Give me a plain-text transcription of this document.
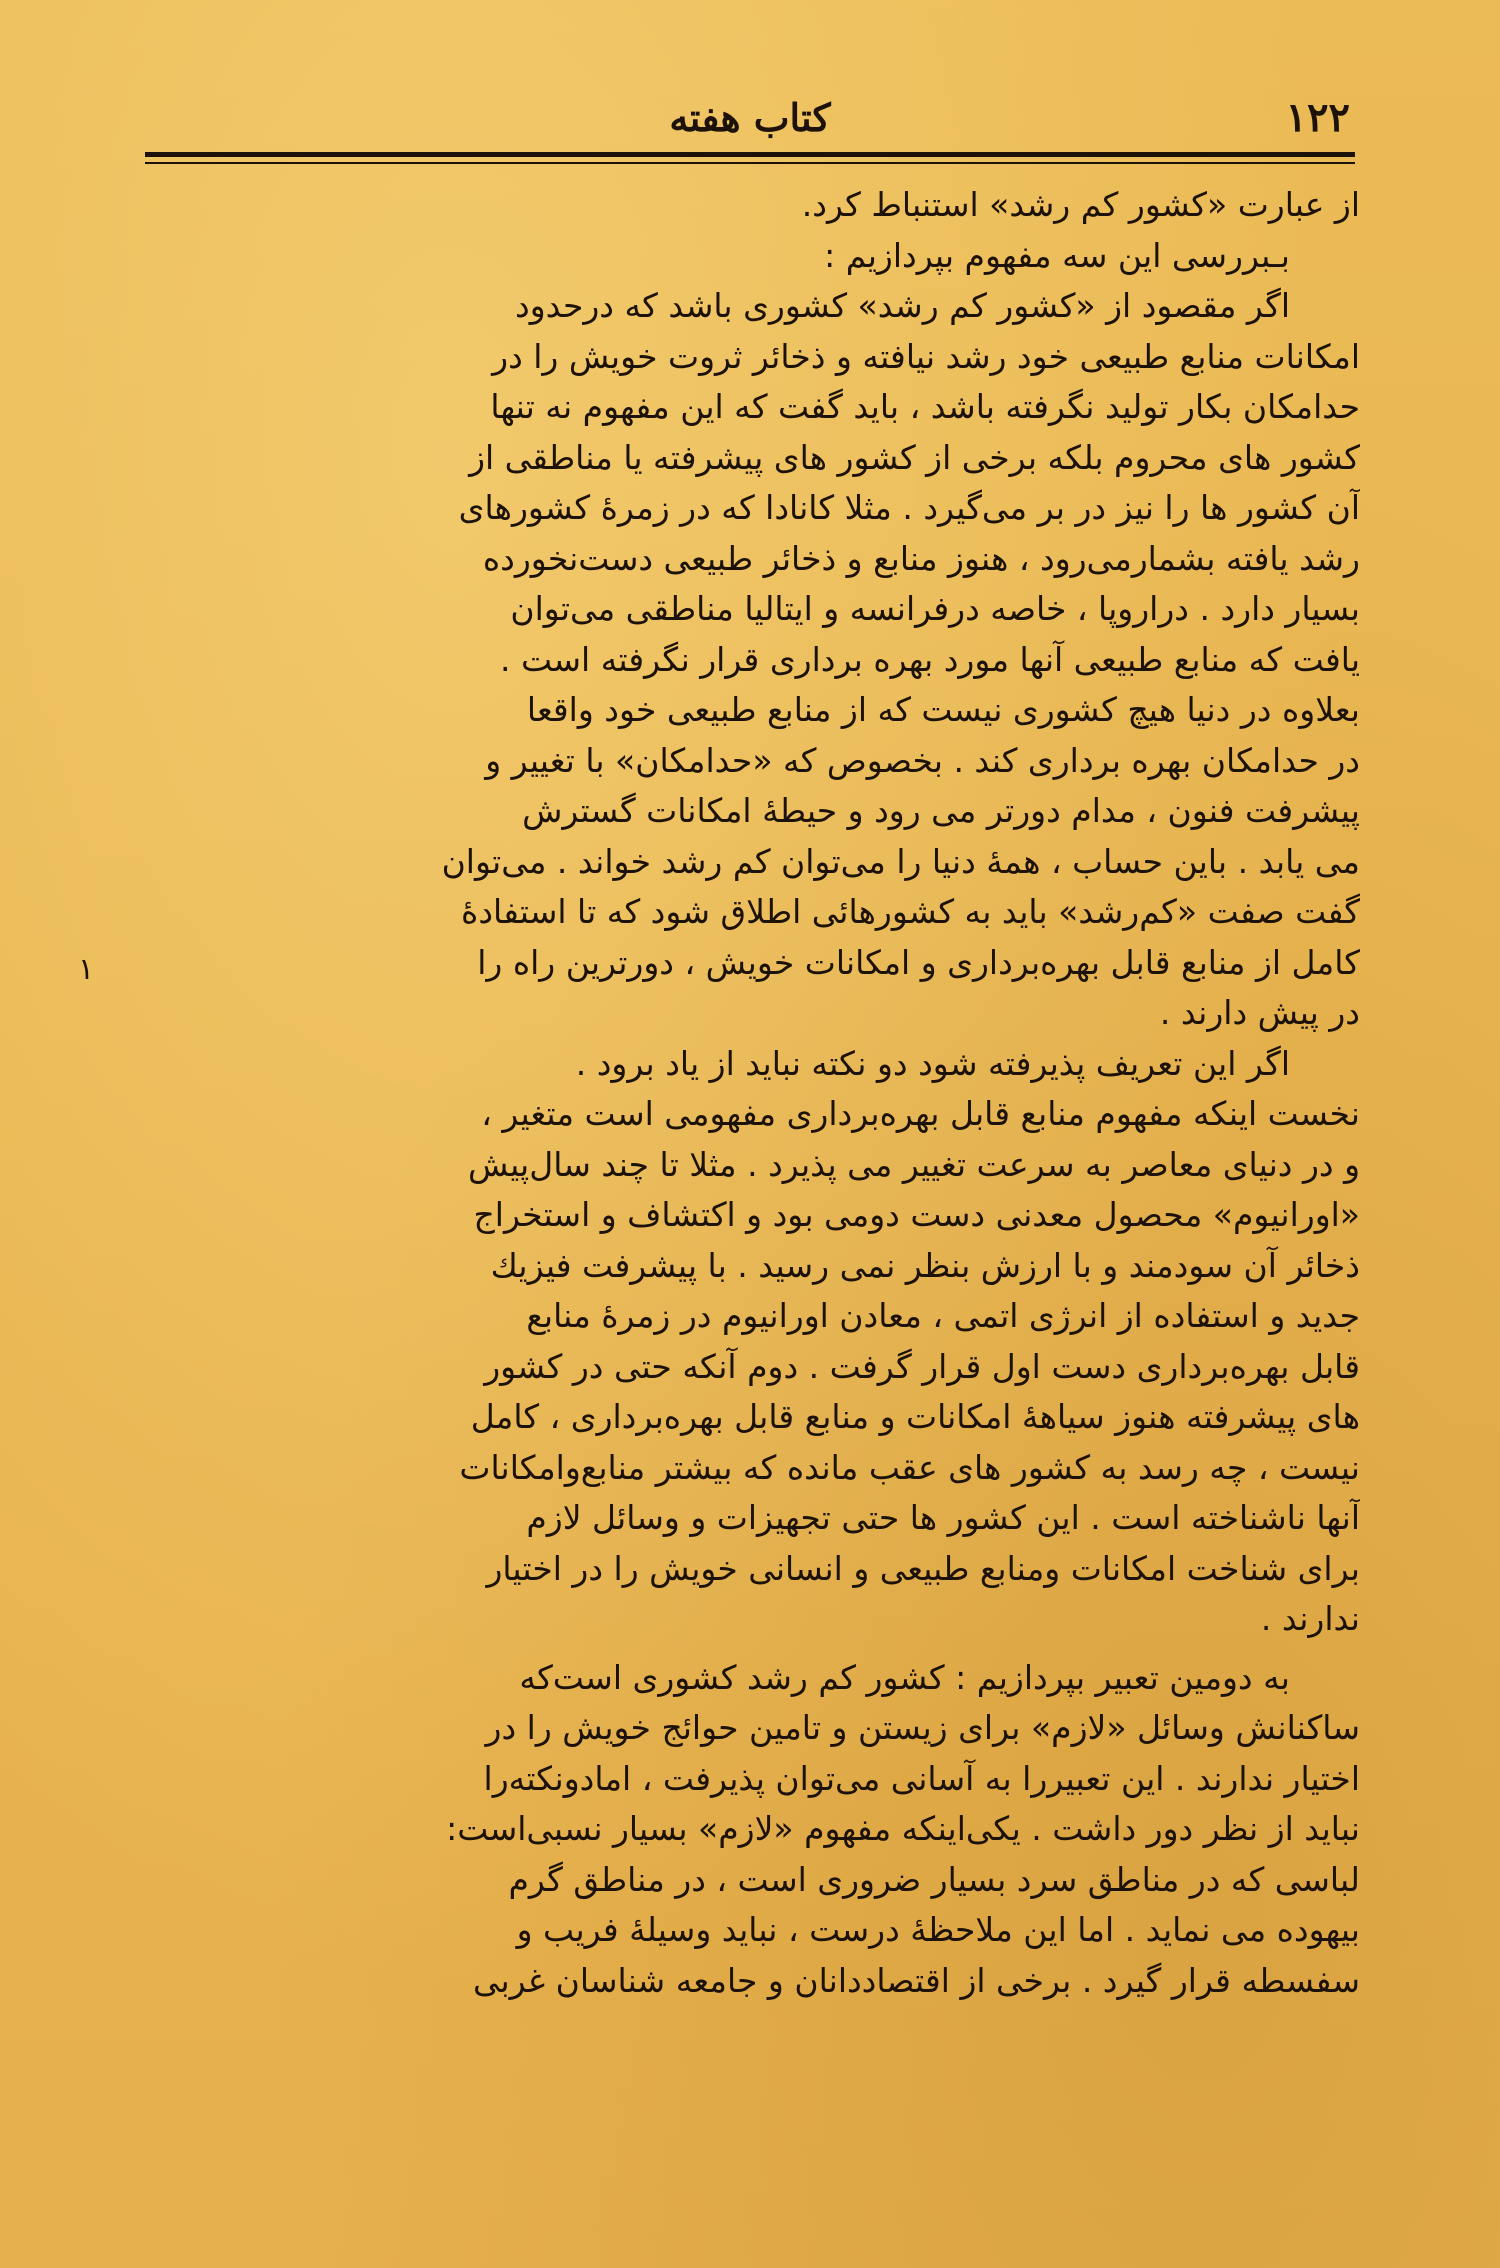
۱۲۲
کتاب هفته
۱
از عبارت «کشور کم رشد» استنباط کرد.
بـبررسی این سه مفهوم بپردازیم :
اگر مقصود از «کشور کم رشد» کشوری باشد که درحدود
امکانات منابع طبیعی خود رشد نیافته و ذخائر ثروت خویش را در
حدامکان بکار تولید نگرفته باشد ، باید گفت که این مفهوم نه تنها
کشور های محروم بلکه برخی از کشور های پیشرفته یا مناطقی از
آن کشور ها را نیز در بر می‌گیرد . مثلا کانادا که در زمرهٔ کشورهای
رشد یافته بشمارمی‌رود ، هنوز منابع و ذخائر طبیعی دست‌نخورده
بسیار دارد . دراروپا ، خاصه درفرانسه و ایتالیا مناطقی می‌توان
یافت که منابع طبیعی آنها مورد بهره برداری قرار نگرفته است .
بعلاوه در دنیا هیچ کشوری نیست که از منابع طبیعی خود واقعا
در حدامکان بهره برداری کند . بخصوص که «حدامکان» با تغییر و
پیشرفت فنون ، مدام دورتر می رود و حیطهٔ امکانات گسترش
می یابد . باین حساب ، همهٔ دنیا را می‌توان کم رشد خواند . می‌توان
گفت صفت «کم‌رشد» باید به کشورهائی اطلاق شود که تا استفادهٔ
کامل از منابع قابل بهره‌برداری و امکانات خویش ، دورترین راه را
در پیش دارند .
اگر این تعریف پذیرفته شود دو نکته نباید از یاد برود .
نخست اینکه مفهوم منابع قابل بهره‌برداری مفهومی است متغیر ،
و در دنیای معاصر به سرعت تغییر می پذیرد . مثلا تا چند سال‌پیش
«اورانیوم» محصول معدنی دست دومی بود و اکتشاف و استخراج
ذخائر آن سودمند و با ارزش بنظر نمی رسید . با پیشرفت فیزیك
جدید و استفاده از انرژی اتمی ، معادن اورانیوم در زمرهٔ منابع
قابل بهره‌برداری دست اول قرار گرفت . دوم آنکه حتی در کشور
های پیشرفته هنوز سیاههٔ امکانات و منابع قابل بهره‌برداری ، کامل
نیست ، چه رسد به کشور های عقب مانده که بیشتر منابع‌وامکانات
آنها ناشناخته است . این کشور ها حتی تجهیزات و وسائل لازم
برای شناخت امکانات ومنابع طبیعی و انسانی خویش را در اختیار
ندارند .
به دومین تعبیر بپردازیم : کشور کم رشد کشوری است‌که
ساکنانش وسائل «لازم» برای زیستن و تامین حوائج خویش را در
اختیار ندارند . این تعبیررا به آسانی می‌توان پذیرفت ، امادونکته‌را
نباید از نظر دور داشت . یکی‌اینکه مفهوم «لازم» بسیار نسبی‌است:
لباسی که در مناطق سرد بسیار ضروری است ، در مناطق گرم
بیهوده می نماید . اما این ملاحظهٔ درست ، نباید وسیلهٔ فریب و
سفسطه قرار گیرد . برخی از اقتصاددانان و جامعه شناسان غربی
